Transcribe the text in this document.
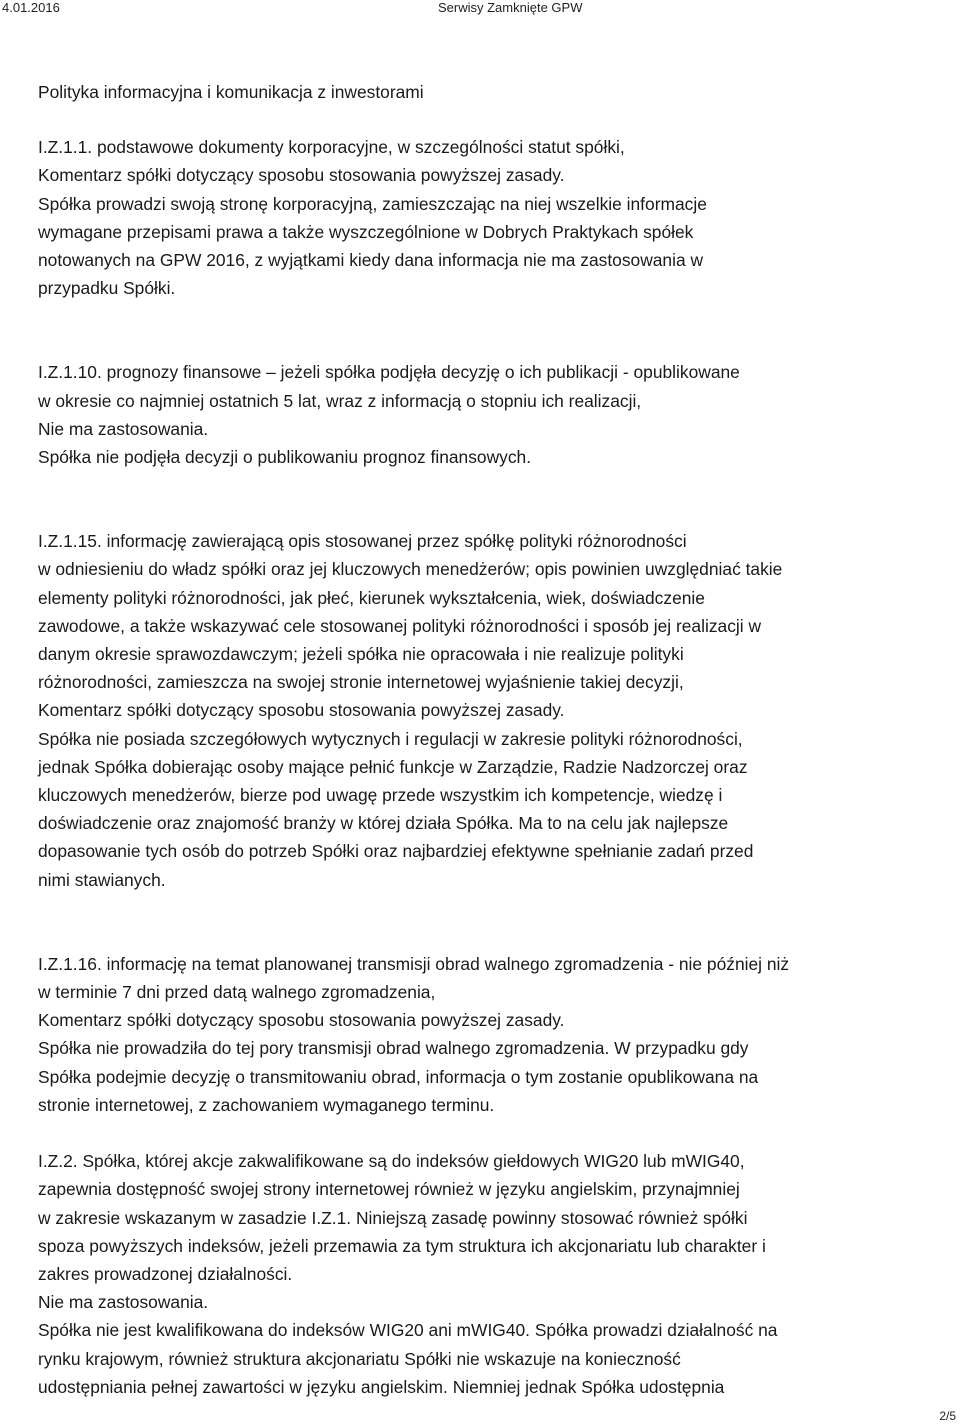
4.01.2016	Serwisy Zamknięte GPW
Polityka informacyjna i komunikacja z inwestorami
I.Z.1.1. podstawowe dokumenty korporacyjne, w szczególności statut spółki,
Komentarz spółki dotyczący sposobu stosowania powyższej zasady.
Spółka prowadzi swoją stronę korporacyjną, zamieszczając na niej wszelkie informacje
wymagane przepisami prawa a także wyszczególnione w Dobrych Praktykach spółek
notowanych na GPW 2016, z wyjątkami kiedy dana informacja nie ma zastosowania w
przypadku Spółki.
I.Z.1.10. prognozy finansowe – jeżeli spółka podjęła decyzję o ich publikacji - opublikowane
w okresie co najmniej ostatnich 5 lat, wraz z informacją o stopniu ich realizacji,
Nie ma zastosowania.
Spółka nie podjęła decyzji o publikowaniu prognoz finansowych.
I.Z.1.15. informację zawierającą opis stosowanej przez spółkę polityki różnorodności
w odniesieniu do władz spółki oraz jej kluczowych menedżerów; opis powinien uwzględniać takie
elementy polityki różnorodności, jak płeć, kierunek wykształcenia, wiek, doświadczenie
zawodowe, a także wskazywać cele stosowanej polityki różnorodności i sposób jej realizacji w
danym okresie sprawozdawczym; jeżeli spółka nie opracowała i nie realizuje polityki
różnorodności, zamieszcza na swojej stronie internetowej wyjaśnienie takiej decyzji,
Komentarz spółki dotyczący sposobu stosowania powyższej zasady.
Spółka nie posiada szczegółowych wytycznych i regulacji w zakresie polityki różnorodności,
jednak Spółka dobierając osoby mające pełnić funkcje w Zarządzie, Radzie Nadzorczej oraz
kluczowych menedżerów, bierze pod uwagę przede wszystkim ich kompetencje, wiedzę i
doświadczenie oraz znajomość branży w której działa Spółka. Ma to na celu jak najlepsze
dopasowanie tych osób do potrzeb Spółki oraz najbardziej efektywne spełnianie zadań przed
nimi stawianych.
I.Z.1.16. informację na temat planowanej transmisji obrad walnego zgromadzenia - nie później niż
w terminie 7 dni przed datą walnego zgromadzenia,
Komentarz spółki dotyczący sposobu stosowania powyższej zasady.
Spółka nie prowadziła do tej pory transmisji obrad walnego zgromadzenia. W przypadku gdy
Spółka podejmie decyzję o transmitowaniu obrad, informacja o tym zostanie opublikowana na
stronie internetowej, z zachowaniem wymaganego terminu.
I.Z.2. Spółka, której akcje zakwalifikowane są do indeksów giełdowych WIG20 lub mWIG40,
zapewnia dostępność swojej strony internetowej również w języku angielskim, przynajmniej
w zakresie wskazanym w zasadzie I.Z.1. Niniejszą zasadę powinny stosować również spółki
spoza powyższych indeksów, jeżeli przemawia za tym struktura ich akcjonariatu lub charakter i
zakres prowadzonej działalności.
Nie ma zastosowania.
Spółka nie jest kwalifikowana do indeksów WIG20 ani mWIG40. Spółka prowadzi działalność na
rynku krajowym, również struktura akcjonariatu Spółki nie wskazuje na konieczność
udostępniania pełnej zawartości w języku angielskim. Niemniej jednak Spółka udostępnia
2/5
